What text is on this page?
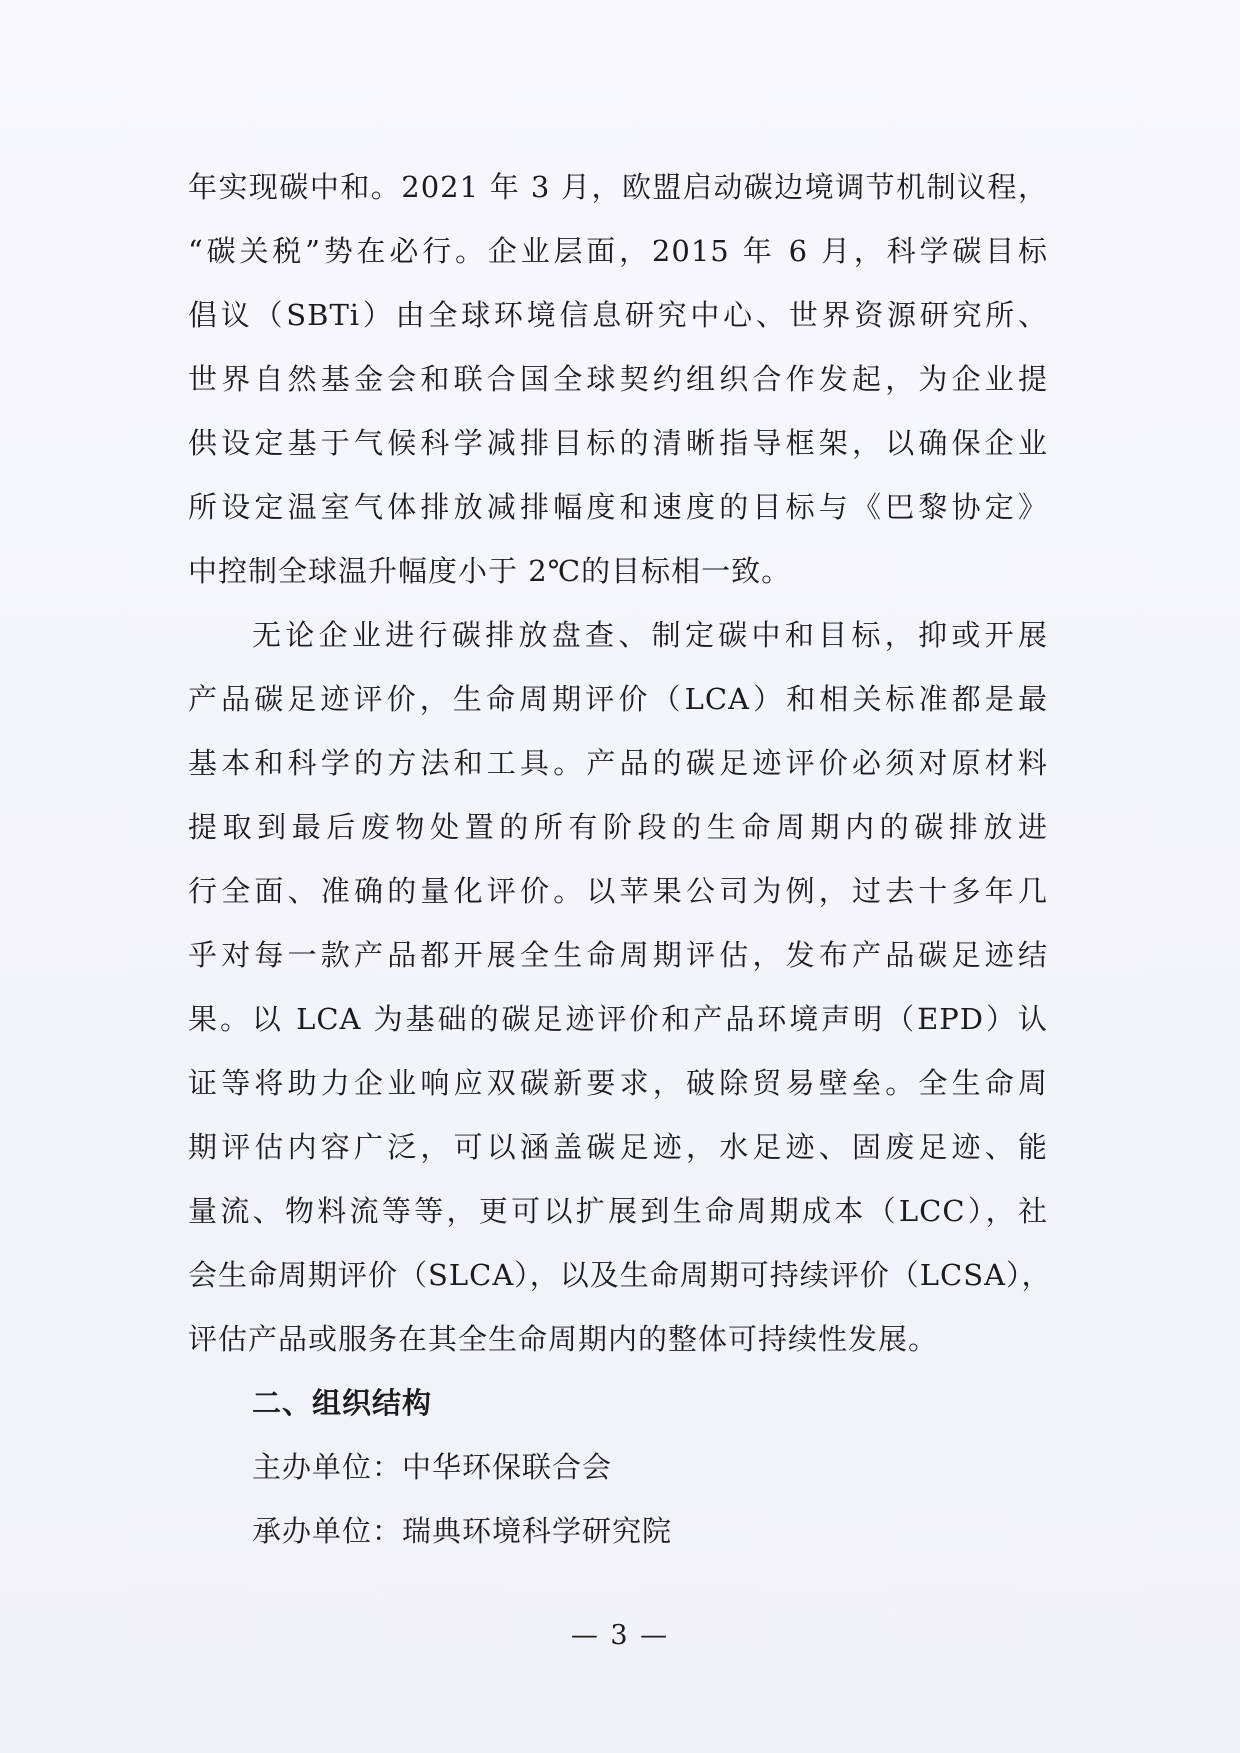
年实现碳中和。2021 年 3 月，欧盟启动碳边境调节机制议程，
“碳关税”势在必行。企业层面，2015 年 6 月，科学碳目标
倡议（SBTi）由全球环境信息研究中心、世界资源研究所、
世界自然基金会和联合国全球契约组织合作发起，为企业提
供设定基于气候科学减排目标的清晰指导框架，以确保企业
所设定温室气体排放减排幅度和速度的目标与《巴黎协定》
中控制全球温升幅度小于 2℃的目标相一致。
无论企业进行碳排放盘查、制定碳中和目标，抑或开展
产品碳足迹评价，生命周期评价（LCA）和相关标准都是最
基本和科学的方法和工具。产品的碳足迹评价必须对原材料
提取到最后废物处置的所有阶段的生命周期内的碳排放进
行全面、准确的量化评价。以苹果公司为例，过去十多年几
乎对每一款产品都开展全生命周期评估，发布产品碳足迹结
果。以 LCA 为基础的碳足迹评价和产品环境声明（EPD）认
证等将助力企业响应双碳新要求，破除贸易壁垒。全生命周
期评估内容广泛，可以涵盖碳足迹，水足迹、固废足迹、能
量流、物料流等等，更可以扩展到生命周期成本（LCC），社
会生命周期评价（SLCA），以及生命周期可持续评价（LCSA），
评估产品或服务在其全生命周期内的整体可持续性发展。
二、组织结构
主办单位：中华环保联合会
承办单位：瑞典环境科学研究院
— 3 —
